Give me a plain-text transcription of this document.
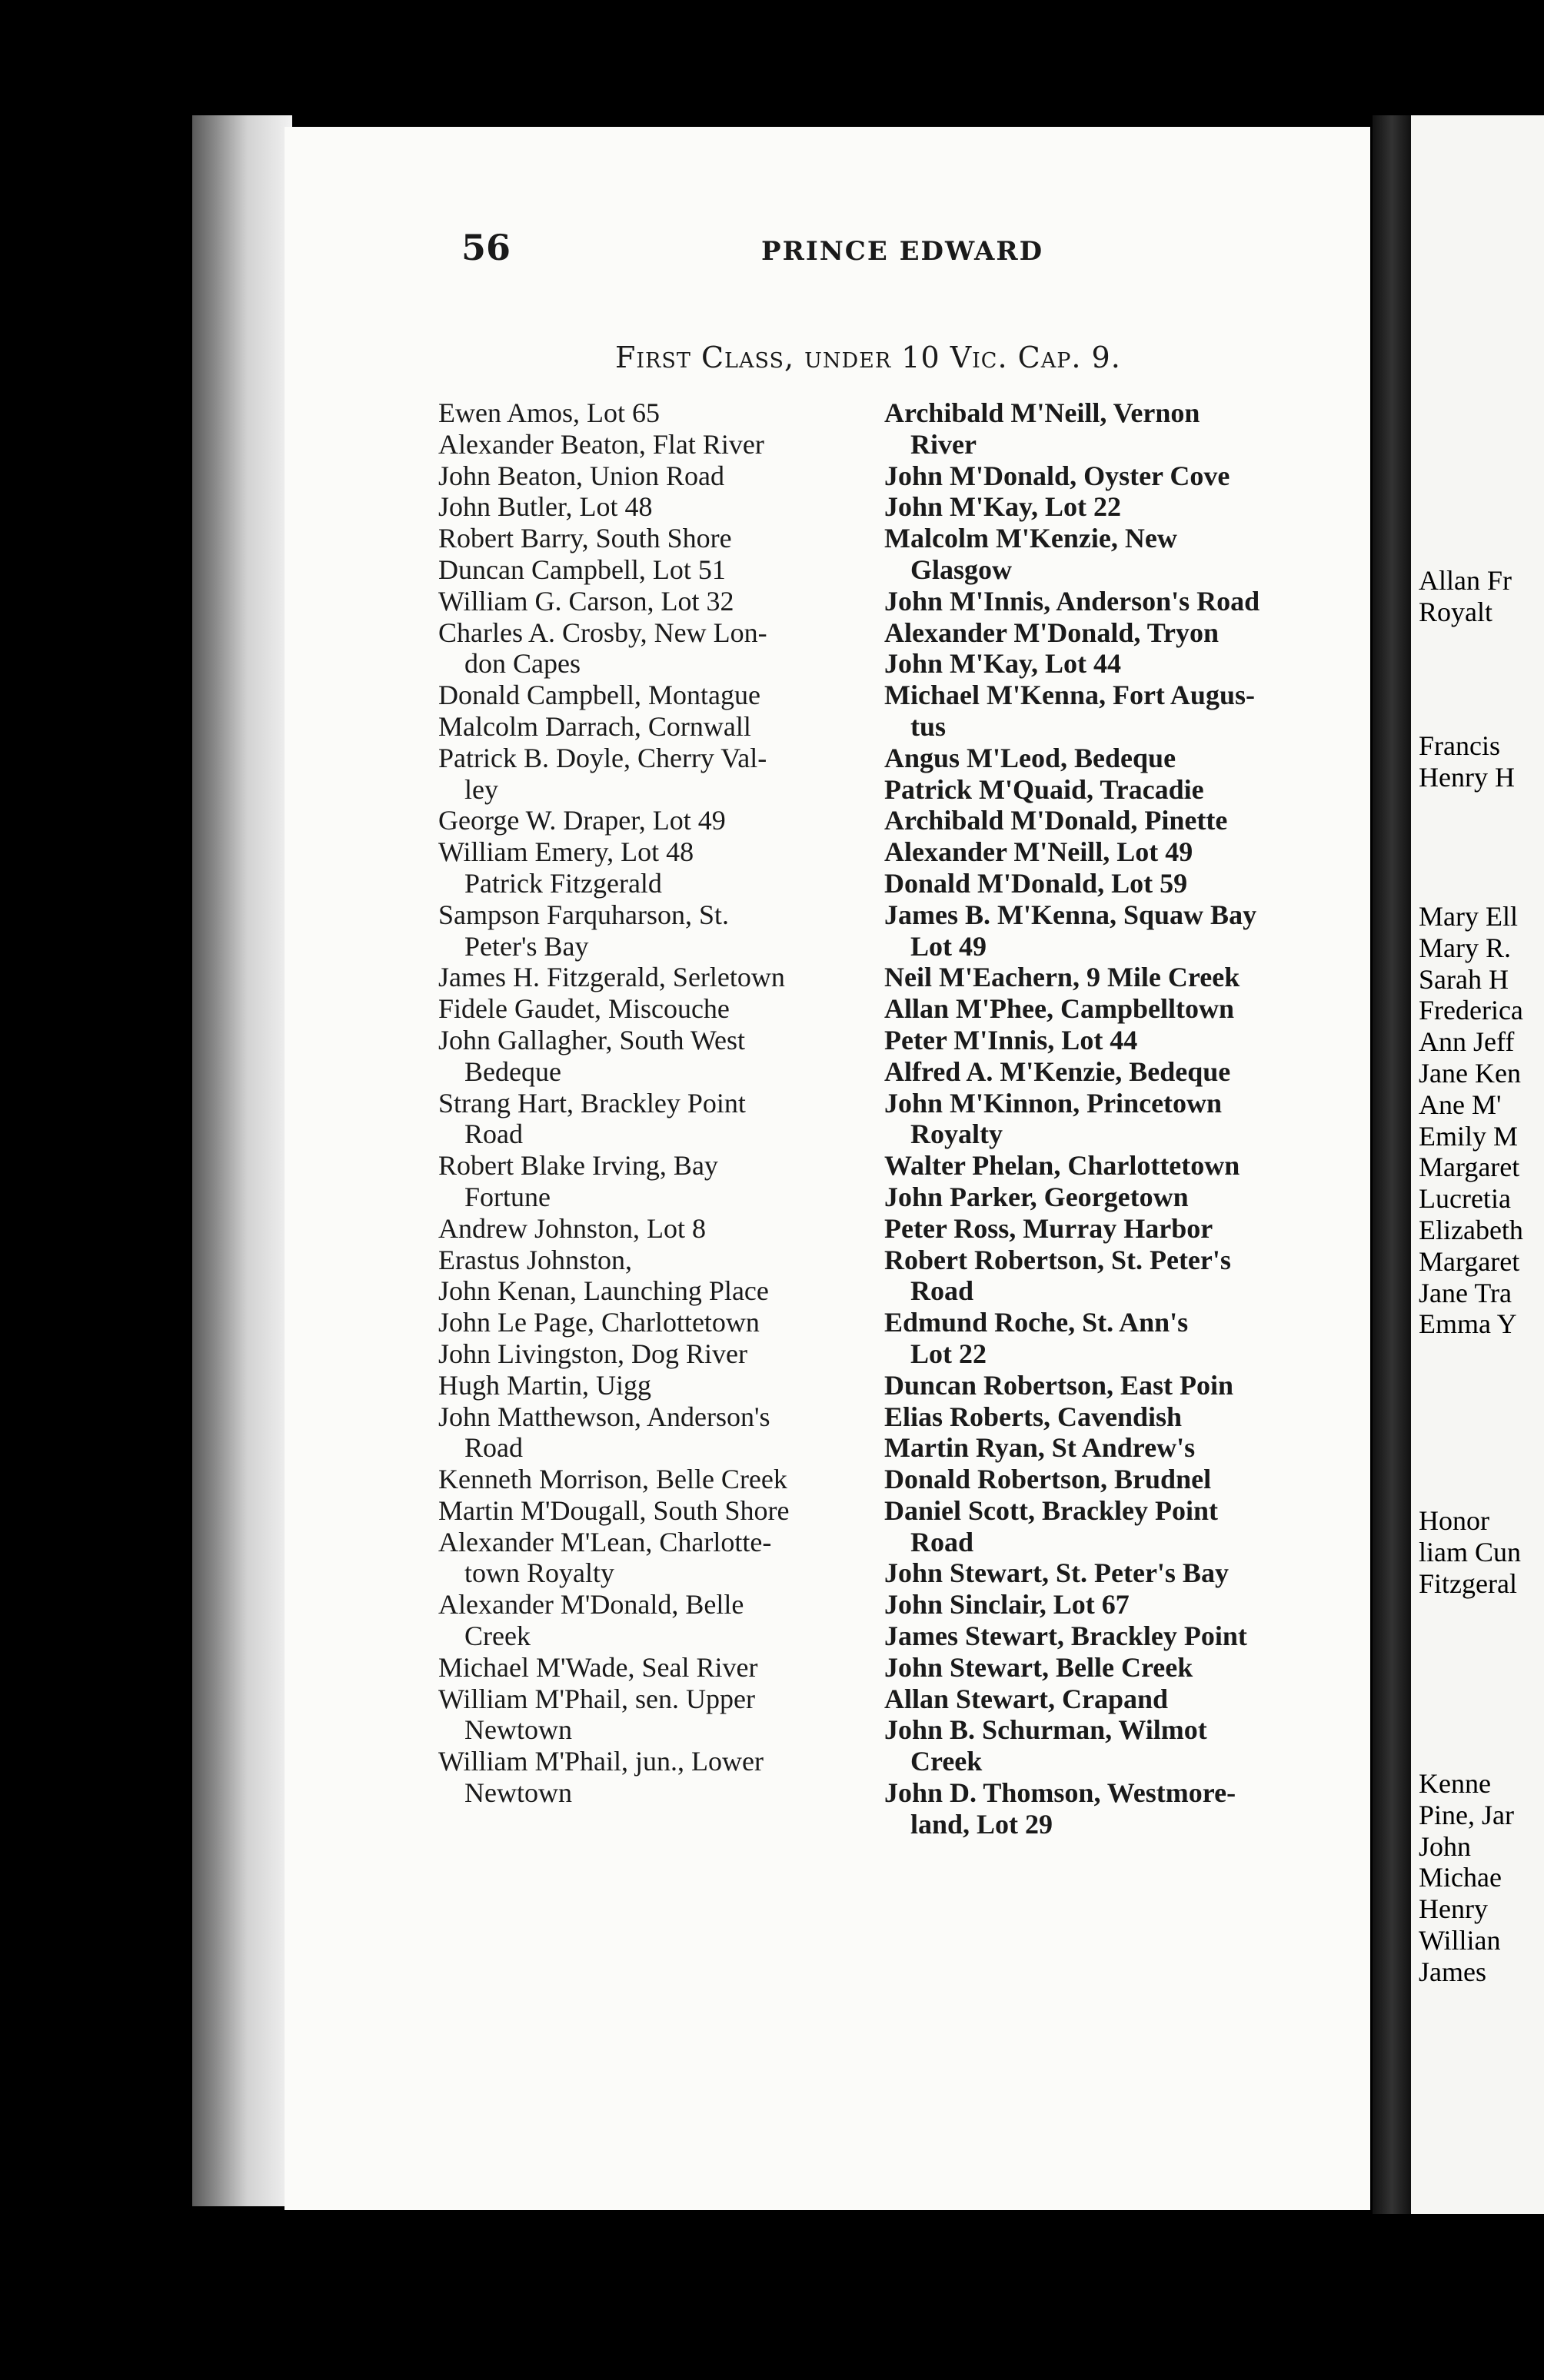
56	PRINCE EDWARD
First Class, under 10 Vic. Cap. 9.
Ewen Amos, Lot 65
Alexander Beaton, Flat River
John Beaton, Union Road
John Butler, Lot 48
Robert Barry, South Shore
Duncan Campbell, Lot 51
William G. Carson, Lot 32
Charles A. Crosby, New Lon-
don Capes
Donald Campbell, Montague
Malcolm Darrach, Cornwall
Patrick B. Doyle, Cherry Val-
ley
George W. Draper, Lot 49
William Emery, Lot 48
Patrick Fitzgerald
Sampson Farquharson, St.
Peter's Bay
James H. Fitzgerald, Serletown
Fidele Gaudet, Miscouche
John Gallagher, South West
Bedeque
Strang Hart, Brackley Point
Road
Robert Blake Irving, Bay
Fortune
Andrew Johnston, Lot 8
Erastus Johnston,
John Kenan, Launching Place
John Le Page, Charlottetown
John Livingston, Dog River
Hugh Martin, Uigg
John Matthewson, Anderson's
Road
Kenneth Morrison, Belle Creek
Martin M'Dougall, South Shore
Alexander M'Lean, Charlotte-
town Royalty
Alexander M'Donald, Belle
Creek
Michael M'Wade, Seal River
William M'Phail, sen. Upper
Newtown
William M'Phail, jun., Lower
Newtown
Archibald M'Neill, Vernon
River
John M'Donald, Oyster Cove
John M'Kay, Lot 22
Malcolm M'Kenzie, New
Glasgow
John M'Innis, Anderson's Road
Alexander M'Donald, Tryon
John M'Kay, Lot 44
Michael M'Kenna, Fort Augus-
tus
Angus M'Leod, Bedeque
Patrick M'Quaid, Tracadie
Archibald M'Donald, Pinette
Alexander M'Neill, Lot 49
Donald M'Donald, Lot 59
James B. M'Kenna, Squaw Bay
Lot 49
Neil M'Eachern, 9 Mile Creek
Allan M'Phee, Campbelltown
Peter M'Innis, Lot 44
Alfred A. M'Kenzie, Bedeque
John M'Kinnon, Princetown
Royalty
Walter Phelan, Charlottetown
John Parker, Georgetown
Peter Ross, Murray Harbor
Robert Robertson, St. Peter's
Road
Edmund Roche, St. Ann's
Lot 22
Duncan Robertson, East Poin
Elias Roberts, Cavendish
Martin Ryan, St Andrew's
Donald Robertson, Brudnel
Daniel Scott, Brackley Point
Road
John Stewart, St. Peter's Bay
John Sinclair, Lot 67
James Stewart, Brackley Point
John Stewart, Belle Creek
Allan Stewart, Crapand
John B. Schurman, Wilmot
Creek
John D. Thomson, Westmore-
land, Lot 29
Allan Fr
Royalt
Francis
Henry H
Mary Ell
Mary R.
Sarah H
Frederica
Ann Jeff
Jane Ken
Ane M'
Emily M
Margaret
Lucretia
Elizabeth
Margaret
Jane Tra
Emma Y
Honor
liam Cun
Fitzgeral
Kenne
Pine, Jar
John
Michae
Henry
Willian
James
